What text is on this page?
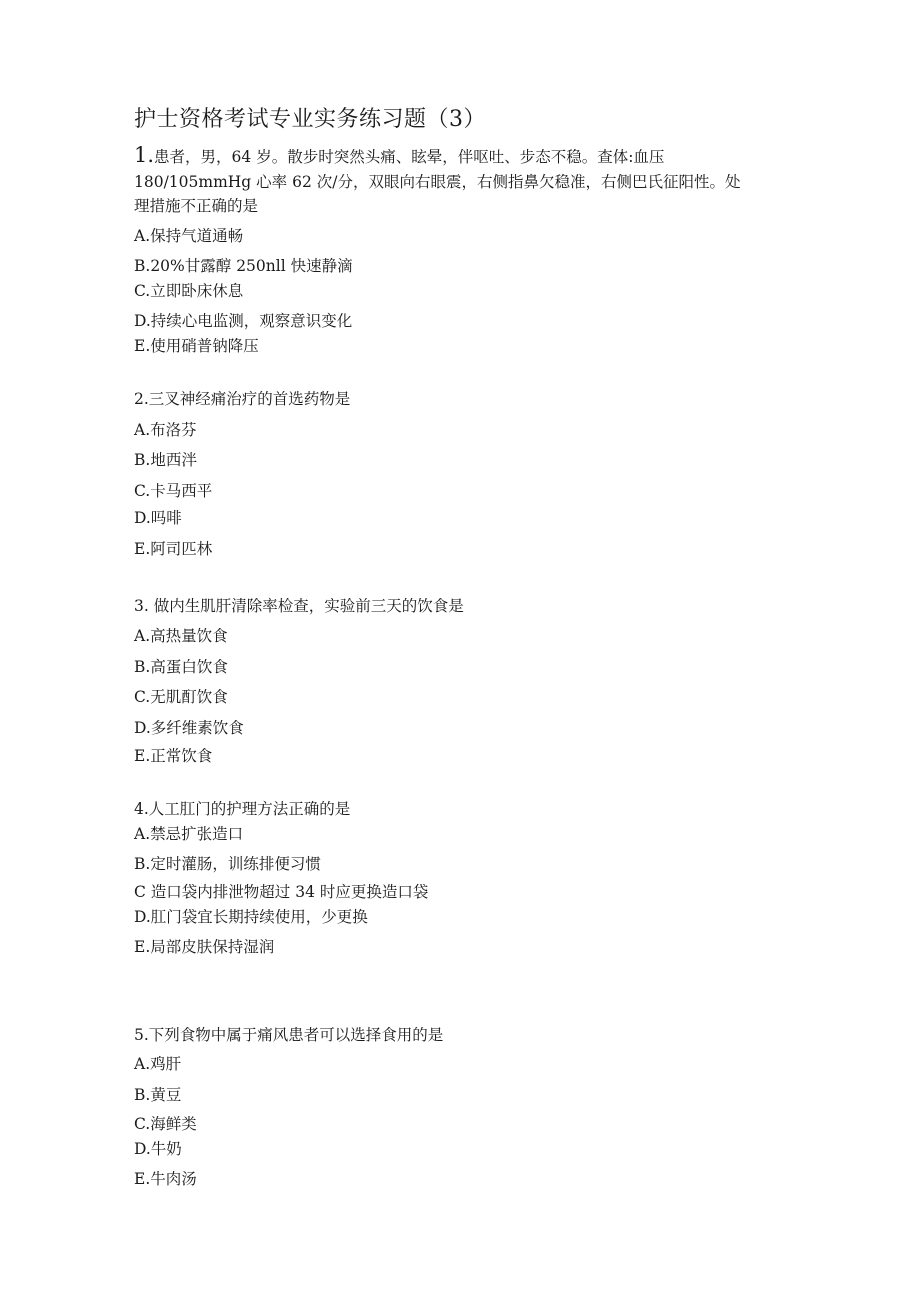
护士资格考试专业实务练习题（3）
1.患者，男，64 岁。散步时突然头痛、眩晕，伴呕吐、步态不稳。查体:血压
180/105mmHg 心率 62 次/分，双眼向右眼震，右侧指鼻欠稳准，右侧巴氏征阳性。处
理措施不正确的是
A.保持气道通畅
B.20%甘露醇 250nll 快速静滴
C.立即卧床休息
D.持续心电监测，观察意识变化
E.使用硝普钠降压
2.三叉神经痛治疗的首选药物是
A.布洛芬
B.地西泮
C.卡马西平
D.吗啡
E.阿司匹林
3. 做内生肌肝清除率检查，实验前三天的饮食是
A.高热量饮食
B.高蛋白饮食
C.无肌酊饮食
D.多纤维素饮食
E.正常饮食
4.人工肛门的护理方法正确的是
A.禁忌扩张造口
B.定时灌肠，训练排便习惯
C 造口袋内排泄物超过 34 时应更换造口袋
D.肛门袋宜长期持续使用，少更换
E.局部皮肤保持湿润
5.下列食物中属于痛风患者可以选择食用的是
A.鸡肝
B.黄豆
C.海鲜类
D.牛奶
E.牛肉汤
